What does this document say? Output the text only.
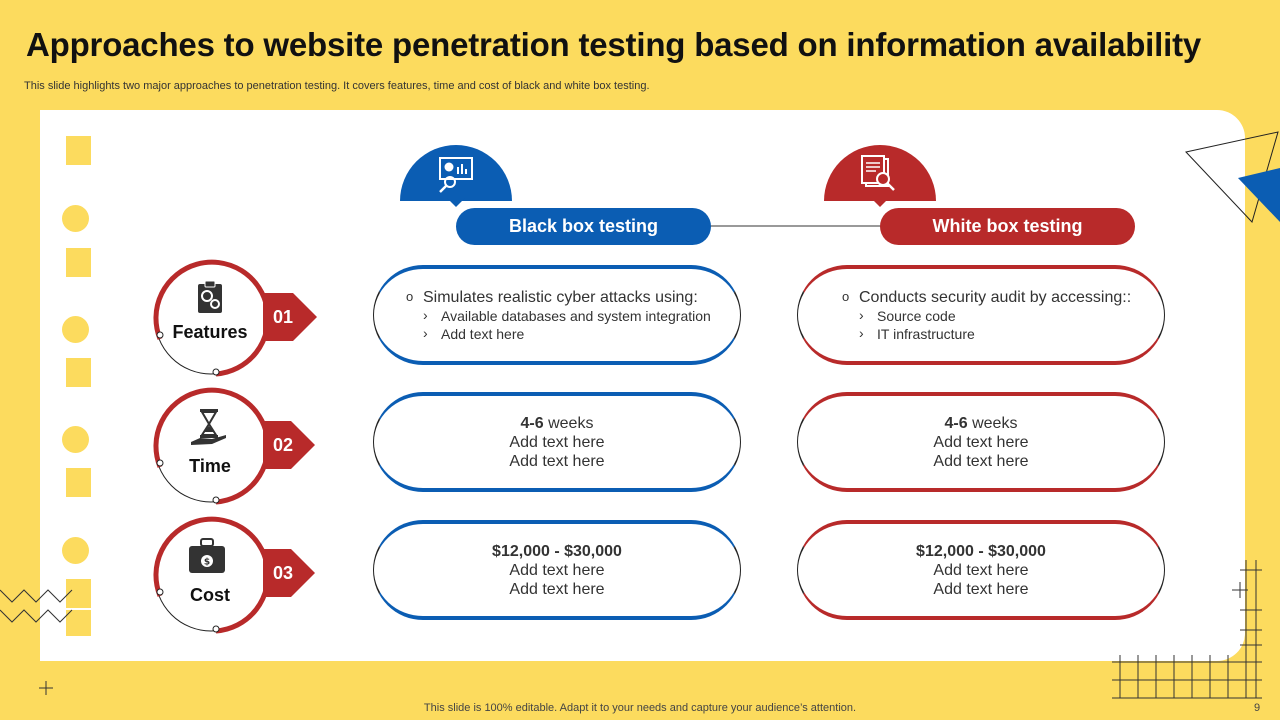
Approaches to website penetration testing based on information availability
This slide highlights two major approaches to penetration testing. It covers features, time and cost of black and white box testing.
Black box testing	White box testing
Features
01
o Simulates realistic cyber attacks using:
› Available databases and system integration
› Add text here
o Conducts security audit by accessing::
› Source code
› IT infrastructure
Time
02
4-6 weeks
Add text here
Add text here
4-6 weeks
Add text here
Add text here
$
Cost
03
$12,000 - $30,000
Add text here
Add text here
$12,000 - $30,000
Add text here
Add text here
This slide is 100% editable. Adapt it to your needs and capture your audience’s attention.	9
